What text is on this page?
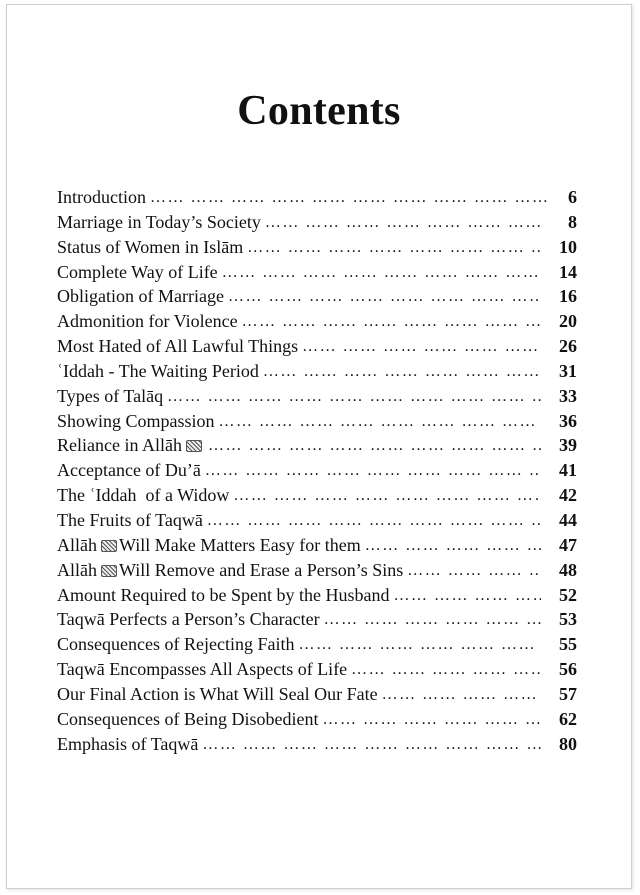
Contents
Introduction …… …… …… …… …… …… …… …… …… …… …… …… …… …… …… …… …… …… …… …… …… ……	6
Marriage in Today’s Society …… …… …… …… …… …… …… …… …… …… …… …… …… …… …… …… …… …… …… …… …… ……	8
Status of Women in Islām …… …… …… …… …… …… …… …… …… …… …… …… …… …… …… …… …… …… …… …… …… ……	10
Complete Way of Life …… …… …… …… …… …… …… …… …… …… …… …… …… …… …… …… …… …… …… …… …… ……	14
Obligation of Marriage …… …… …… …… …… …… …… …… …… …… …… …… …… …… …… …… …… …… …… …… …… ……	16
Admonition for Violence …… …… …… …… …… …… …… …… …… …… …… …… …… …… …… …… …… …… …… …… …… ……	20
Most Hated of All Lawful Things …… …… …… …… …… …… …… …… …… …… …… …… …… …… …… …… …… …… …… …… …… ……	26
ʿIddah - The Waiting Period …… …… …… …… …… …… …… …… …… …… …… …… …… …… …… …… …… …… …… …… …… ……	31
Types of Talāq …… …… …… …… …… …… …… …… …… …… …… …… …… …… …… …… …… …… …… …… …… ……	33
Showing Compassion …… …… …… …… …… …… …… …… …… …… …… …… …… …… …… …… …… …… …… …… …… ……	36
Reliance in Allāh …… …… …… …… …… …… …… …… …… …… …… …… …… …… …… …… …… …… …… …… …… ……	39
Acceptance of Du’ā …… …… …… …… …… …… …… …… …… …… …… …… …… …… …… …… …… …… …… …… …… ……	41
The ʿIddah  of a Widow …… …… …… …… …… …… …… …… …… …… …… …… …… …… …… …… …… …… …… …… …… ……	42
The Fruits of Taqwā …… …… …… …… …… …… …… …… …… …… …… …… …… …… …… …… …… …… …… …… …… ……	44
Allāh Will Make Matters Easy for them …… …… …… …… …… …… …… …… …… …… …… …… …… …… …… …… …… …… …… …… …… ……	47
Allāh Will Remove and Erase a Person’s Sins …… …… …… …… …… …… …… …… …… …… …… …… …… …… …… …… …… …… …… …… …… ……	48
Amount Required to be Spent by the Husband …… …… …… …… …… …… …… …… …… …… …… …… …… …… …… …… …… …… …… …… …… ……	52
Taqwā Perfects a Person’s Character …… …… …… …… …… …… …… …… …… …… …… …… …… …… …… …… …… …… …… …… …… ……	53
Consequences of Rejecting Faith …… …… …… …… …… …… …… …… …… …… …… …… …… …… …… …… …… …… …… …… …… ……	55
Taqwā Encompasses All Aspects of Life …… …… …… …… …… …… …… …… …… …… …… …… …… …… …… …… …… …… …… …… …… ……	56
Our Final Action is What Will Seal Our Fate …… …… …… …… …… …… …… …… …… …… …… …… …… …… …… …… …… …… …… …… …… ……	57
Consequences of Being Disobedient …… …… …… …… …… …… …… …… …… …… …… …… …… …… …… …… …… …… …… …… …… ……	62
Emphasis of Taqwā …… …… …… …… …… …… …… …… …… …… …… …… …… …… …… …… …… …… …… …… …… ……	80
